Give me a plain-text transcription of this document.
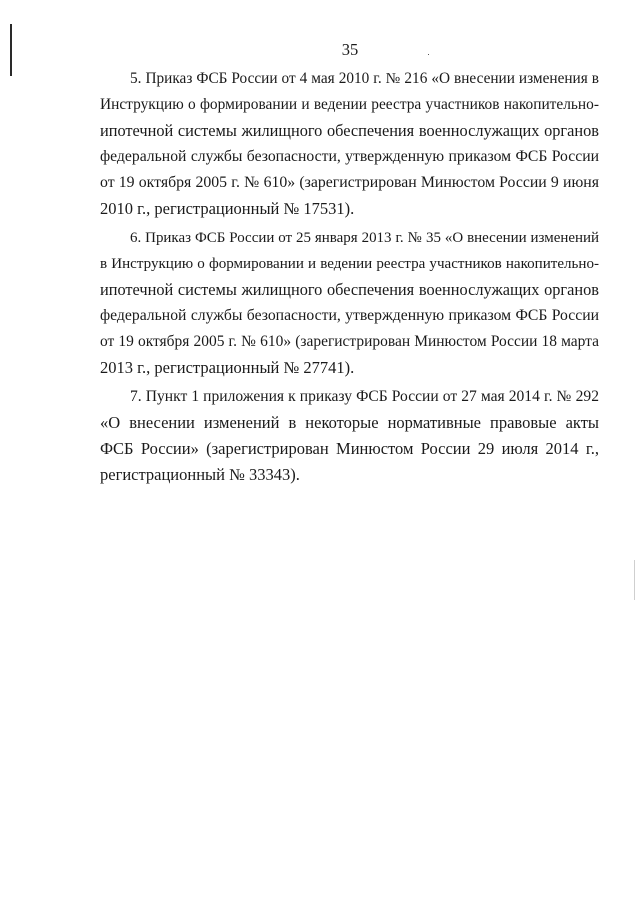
35
5. Приказ ФСБ России от 4 мая 2010 г. № 216 «О внесении изменения в
Инструкцию о формировании и ведении реестра участников накопительно-
ипотечной системы жилищного обеспечения военнослужащих органов
федеральной службы безопасности, утвержденную приказом ФСБ России
от 19 октября 2005 г. № 610» (зарегистрирован Минюстом России 9 июня
2010 г., регистрационный № 17531).
6. Приказ ФСБ России от 25 января 2013 г. № 35 «О внесении изменений
в Инструкцию о формировании и ведении реестра участников накопительно-
ипотечной системы жилищного обеспечения военнослужащих органов
федеральной службы безопасности, утвержденную приказом ФСБ России
от 19 октября 2005 г. № 610» (зарегистрирован Минюстом России 18 марта
2013 г., регистрационный № 27741).
7. Пункт 1 приложения к приказу ФСБ России от 27 мая 2014 г. № 292
«О внесении изменений в некоторые нормативные правовые акты
ФСБ России» (зарегистрирован Минюстом России 29 июля 2014 г.,
регистрационный № 33343).
